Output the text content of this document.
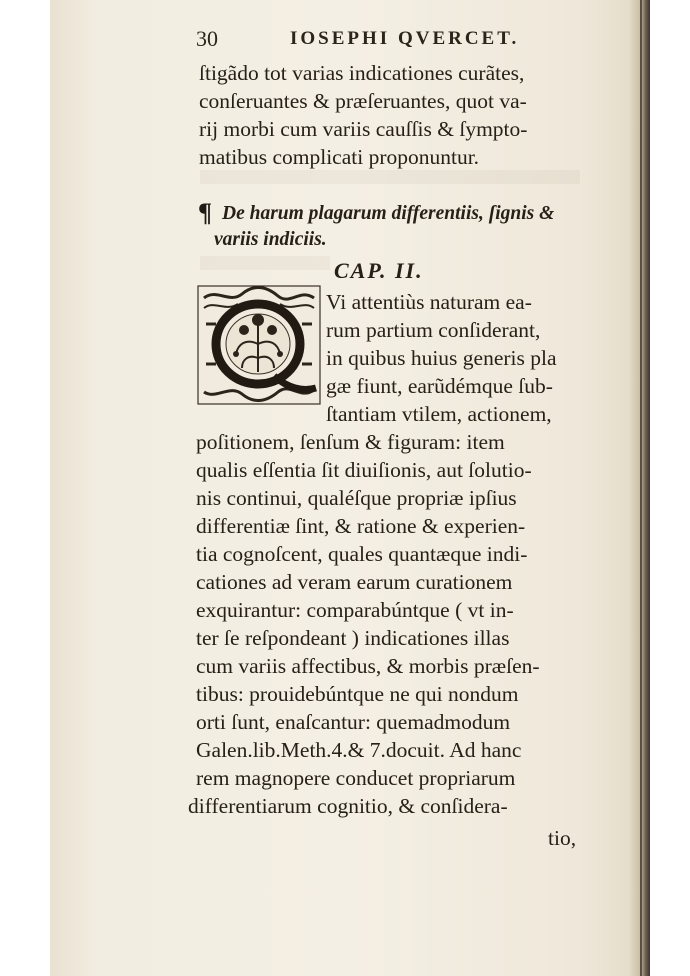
30	IOSEPHI QVERCET.
ſtigãdo tot varias indicationes curãtes,
conſeruantes & præſeruantes, quot va-
rij morbi cum variis cauſſis & ſympto-
matibus complicati proponuntur.
¶ De harum plagarum differentiis, ſignis &
variis indiciis.
CAP. II.
Vi attentiùs naturam ea-
rum partium conſiderant,
in quibus huius generis pla
gæ fiunt, earũdémque ſub-
ſtantiam vtilem, actionem,
poſitionem, ſenſum & figuram: item
qualis eſſentia ſit diuiſionis, aut ſolutio-
nis continui, qualéſque propriæ ipſius
differentiæ ſint, & ratione & experien-
tia cognoſcent, quales quantæque indi-
cationes ad veram earum curationem
exquirantur: comparabúntque ( vt in-
ter ſe reſpondeant ) indicationes illas
cum variis affectibus, & morbis præſen-
tibus: prouidebúntque ne qui nondum
orti ſunt, enaſcantur: quemadmodum
Galen.lib.Meth.4.& 7.docuit. Ad hanc
rem magnopere conducet propriarum
differentiarum cognitio, & conſidera-
tio,
